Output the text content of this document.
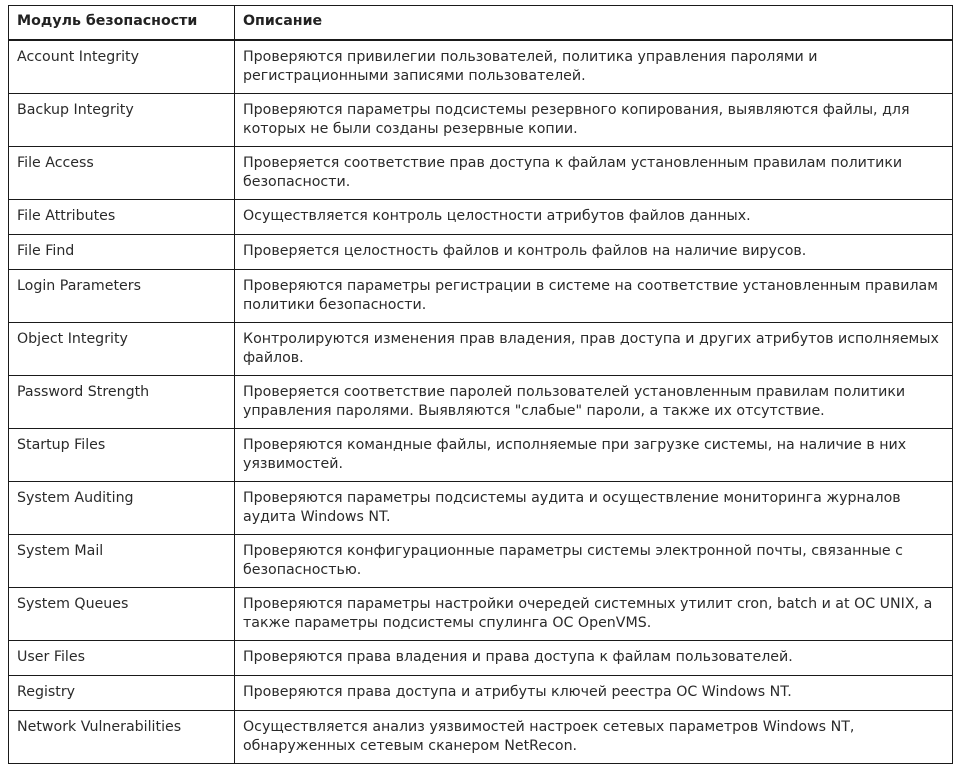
Модуль безопасности	Описание
Account Integrity	Проверяются привилегии пользователей, политика управления паролями и регистрационными записями пользователей.
Backup Integrity	Проверяются параметры подсистемы резервного копирования, выявляются файлы, для которых не были созданы резервные копии.
File Access	Проверяется соответствие прав доступа к файлам установленным правилам политики безопасности.
File Attributes	Осуществляется контроль целостности атрибутов файлов данных.
File Find	Проверяется целостность файлов и контроль файлов на наличие вирусов.
Login Parameters	Проверяются параметры регистрации в системе на соответствие установленным правилам политики безопасности.
Object Integrity	Контролируются изменения прав владения, прав доступа и других атрибутов исполняемых файлов.
Password Strength	Проверяется соответствие паролей пользователей установленным правилам политики управления паролями. Выявляются "слабые" пароли, а также их отсутствие.
Startup Files	Проверяются командные файлы, исполняемые при загрузке системы, на наличие в них уязвимостей.
System Auditing	Проверяются параметры подсистемы аудита и осуществление мониторинга журналов аудита Windows NT.
System Mail	Проверяются конфигурационные параметры системы электронной почты, связанные с безопасностью.
System Queues	Проверяются параметры настройки очередей системных утилит cron, batch и at ОС UNIX, а также параметры подсистемы спулинга ОС OpenVMS.
User Files	Проверяются права владения и права доступа к файлам пользователей.
Registry	Проверяются права доступа и атрибуты ключей реестра ОС Windows NT.
Network Vulnerabilities	Осуществляется анализ уязвимостей настроек сетевых параметров Windows NT, обнаруженных сетевым сканером NetRecon.
